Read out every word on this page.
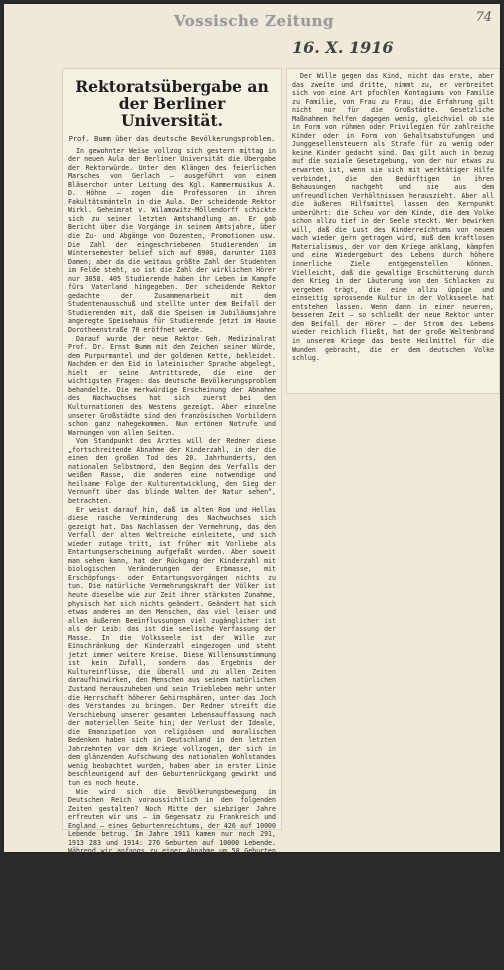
Vossische Zeitung	74
16. X. 1916
Rektoratsübergabe an der Berliner Universität.
Prof. Bumm über das deutsche Bevölkerungsproblem.

In gewohnter Weise vollzog sich gestern mittag in der neuen Aula der Berliner Universität die Übergabe der Rektorwürde. Unter den Klängen des feierlichen Marsches von Gerlach — ausgeführt von einem Bläserchor unter Leitung des Kgl. Kammermusikus A. D. Höhne — zogen die Professoren in ihren Fakultätsmänteln in die Aula. Der scheidende Rektor Wirkl. Geheimrat v. Wilamowitz-Möllendorff schickte sich zu seiner letzten Amtshandlung an. Er gab Bericht über die Vorgänge in seinem Amtsjahre, über die Zu- und Abgänge von Dozenten, Promotionen usw. Die Zahl der eingeschriebenen Studierenden im Wintersemester belief sich auf 8900, darunter 1103 Damen; aber da die weitaus größte Zahl der Studenten im Felde steht, so ist die Zahl der wirklichen Hörer nur 3058. 405 Studierende haben ihr Leben im Kampfe fürs Vaterland hingegeben. Der scheidende Rektor gedachte der Zusammenarbeit mit dem Studentenausschuß und stellte unter dem Beifall der Studierenden mit, daß die Speisen im Jubiläumsjahre angeregte Speisehaus für Studierende jetzt im Hause Dorotheenstraße 70 eröffnet werde.

Darauf wurde der neue Rektor Geh. Medizinalrat Prof. Dr. Ernst Bumm mit den Zeichen seiner Würde, dem Purpurmantel und der goldenen Kette, bekleidet. Nachdem er den Eid in lateinischer Sprache abgelegt, hielt er seine Antrittsrede, die eine der wichtigsten Fragen: das deutsche Bevölkerungsproblem behandelte. Die merkwürdige Erscheinung der Abnahme des Nachwuchses hat sich zuerst bei den Kulturnationen des Westens gezeigt. Aber einzelne unserer Großstädte sind den französischen Vorbildern schon ganz nahegekommen. Nun ertönen Notrufe und Warnungen von allen Seiten.

Vom Standpunkt des Arztes will der Redner diese „fortschreitende Abnahme der Kinderzahl, in der die einen den großen Tod des 20. Jahrhunderts, den nationalen Selbstmord, den Beginn des Verfalls der weißen Rasse, die anderen eine notwendige und heilsame Folge der Kulturentwicklung, den Sieg der Vernunft über das blinde Walten der Natur sehen“, betrachten.

Er weist darauf hin, daß im alten Rom und Hellas diese rasche Verminderung des Nachwuchses sich gezeigt hat. Das Nachlassen der Vermehrung, das den Verfall der alten Weltreiche einleitete, und sich wieder zutage tritt, ist früher mit Vorliebe als Entartungserscheinung aufgefaßt worden. Aber soweit man sehen kann, hat der Rückgang der Kinderzahl mit biologischen Veränderungen der Erbmasse, mit Erschöpfungs- oder Entartungsvorgängen nichts zu tun. Die natürliche Vermehrungskraft der Völker ist heute dieselbe wie zur Zeit ihrer stärksten Zunahme, physisch hat sich nichts geändert. Geändert hat sich etwas anderes an den Menschen, das viel leiser und allen äußeren Beeinflussungen viel zugänglicher ist als der Leib: das ist die seelische Verfassung der Masse. In die Volksseele ist der Wille zur Einschränkung der Kinderzahl eingezogen und steht jetzt immer weitere Kreise. Diese Willensumstimmung ist kein Zufall, sondern das Ergebnis der Kultureinflüsse, die überall und zu allen Zeiten daraufhinwirken, den Menschen aus seinem natürlichen Zustand herauszuheben und sein Triebleben mehr unter die Herrschaft höherer Gehirnsphären, unter das Joch des Verstandes zu bringen. Der Redner streift die Verschiebung unserer gesamten Lebensauffassung nach der materiellen Seite hin; der Verlust der Ideale, die Emanzipation von religiösen und moralischen Bedenken haben sich in Deutschland in den letzten Jahrzehnten vor dem Kriege vollzogen, der sich in dem glänzenden Aufschwung des nationalen Wohlstandes wenig beobachtet wurden, haben aber in erster Linie beschleunigend auf den Geburtenrückgang gewirkt und tun es noch heute.

Wie wird sich die Bevölkerungsbewegung im Deutschen Reich voraussichtlich in den folgenden Zeiten gestalten? Noch Mitte der siebziger Jahre erfreuten wir uns — im Gegensatz zu Frankreich und England — eines Geburtenreichtums, der 426 auf 10000 Lebende betrug. Im Jahre 1911 kamen nur noch 291, 1913 283 und 1914: 276 Geburten auf 10000 Lebende. Während wir anfangs zu einer Abnahme um 58 Geburten 26 Jahre brauchten, haben wir in den letzten 14 Jahren eine Einbuße von 92 Geburten erlitten. Aber weit stärker als die Zahl der Geburten hat die der Todesfälle abgenommen. Dadurch ist es gekommen, daß die Bevölkerung Deutschlands bis in die letzte Zeit vor dem Kriege noch alljährlich um 800000 Menschen gewachsen ist. Wäre es möglich, Geburt und Tod auf heutige Maß festzulegen, so könnten wir um die Mitte des Jahrhunderts die hundert Millionen erreichen und um die nächste Jahrhundertwende nahe an die 200 Millionen heranzukommen. Diese stolzen Aussichten halten aber einer nüchternen Betrachtung nicht stand.

Der Wille gegen das Kind, nicht das erste, aber das zweite und dritte, nimmt zu, er verbreitet sich von eine Art pfochlen Kontagiums von Familie zu Familie, von Frau zu Frau; die Erfahrung gilt nicht nur für die Großstädte. Gesetzliche Maßnahmen helfen dagegen wenig, gleichviel ob sie in Form von rühmen oder Privilegien für zahlreiche Kinder oder in Form von Gehaltsabstufungen und Junggesellensteuern als Strafe für zu wenig oder keine Kinder gedacht sind. Das gilt auch in bezug auf die soziale Gesetzgebung, von der nur etwas zu erwarten ist, wenn sie sich mit werktätiger Hilfe verbindet, die den Bedürftigen in ihren Behausungen nachgeht und sie aus dem unfreundlichen Verhältnissen herauszieht. Aber all die äußeren Hilfsmittel lassen den Kernpunkt unberührt: die Scheu vor dem Kinde, die dem Volke schon allzu tief in der Seele steckt. Wer bewirken will, daß die Lust des Kinderreichtums von neuem wach wieder gern getragen wird, muß dem kraftlosen Materialismus, der vor dem Kriege anklang, kämpfen und eine Wiedergeburt des Lebens durch höhere innerliche Ziele entgegenstellen können. Vielleicht, daß die gewaltige Erschütterung durch den Krieg in der Läuterung von den Schlacken zu vergeben trägt, die eine allzu üppige und einseitig sprossende Kultur in der Volksseele hat entstehen lassen. Wenn dann in einer neueren, besseren Zeit — so schließt der neue Rektor unter dem Beifall der Hörer — der Strom des Lebens wieder reichlich fließt, hat der große Weltenbrand in unserem Kriege das beste Heilmittel für die Wunden gebracht, die er dem deutschen Volke schlug.
